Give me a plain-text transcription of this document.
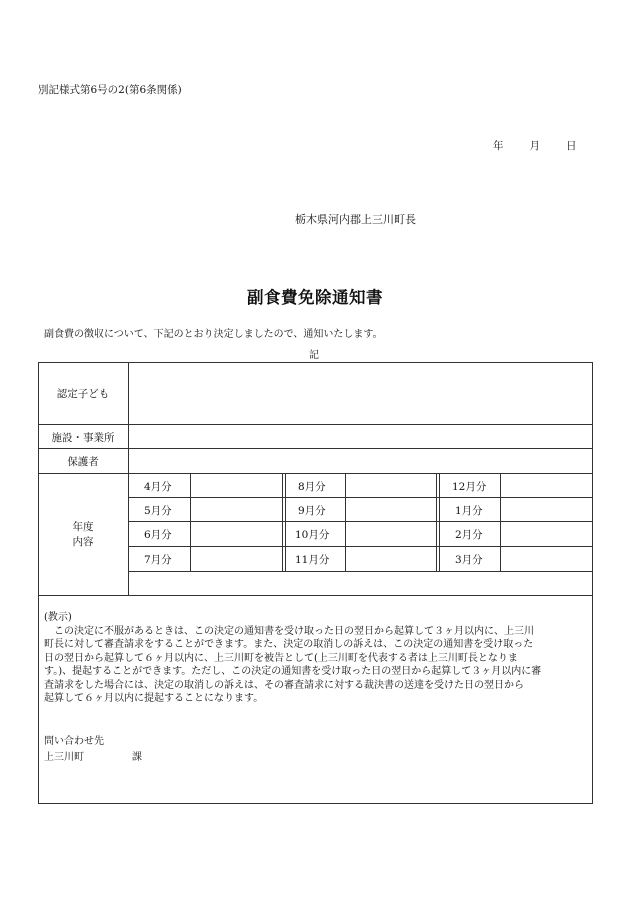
別記様式第6号の2(第6条関係)
年 月 日
栃木県河内郡上三川町長
副食費免除通知書
副食費の徴収について、下記のとおり決定しましたので、通知いたします。
記
認定子ども
施設・事業所
保護者
年度
内容
4月分
5月分
6月分
7月分
8月分
9月分
10月分
11月分
12月分
1月分
2月分
3月分
(教示)
　この決定に不服があるときは、この決定の通知書を受け取った日の翌日から起算して３ヶ月以内に、上三川
町長に対して審査請求をすることができます。また、決定の取消しの訴えは、この決定の通知書を受け取った
日の翌日から起算して６ヶ月以内に、上三川町を被告として(上三川町を代表する者は上三川町長となりま
す。)、提起することができます。ただし、この決定の通知書を受け取った日の翌日から起算して３ヶ月以内に審
査請求をした場合には、決定の取消しの訴えは、その審査請求に対する裁決書の送達を受けた日の翌日から
起算して６ヶ月以内に提起することになります。
問い合わせ先
上三川町	課
